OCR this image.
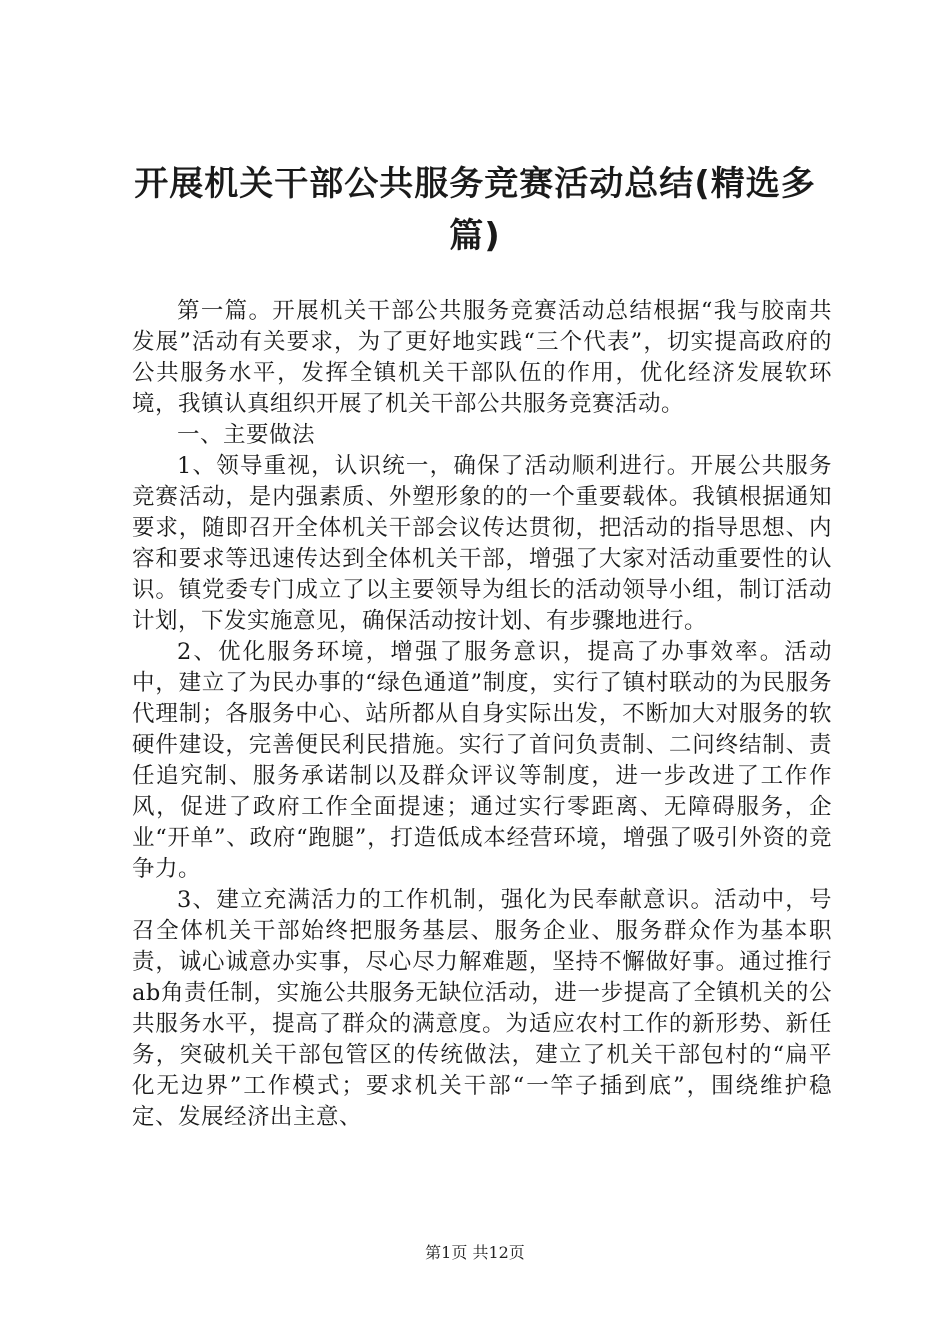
开展机关干部公共服务竞赛活动总结(精选多篇)

第一篇。开展机关干部公共服务竞赛活动总结根据“我与胶南共发展”活动有关要求，为了更好地实践“三个代表”，切实提高政府的公共服务水平，发挥全镇机关干部队伍的作用，优化经济发展软环境，我镇认真组织开展了机关干部公共服务竞赛活动。

一、主要做法

1、领导重视，认识统一，确保了活动顺利进行。开展公共服务竞赛活动，是内强素质、外塑形象的的一个重要载体。我镇根据通知要求，随即召开全体机关干部会议传达贯彻，把活动的指导思想、内容和要求等迅速传达到全体机关干部，增强了大家对活动重要性的认识。镇党委专门成立了以主要领导为组长的活动领导小组，制订活动计划，下发实施意见，确保活动按计划、有步骤地进行。

2、优化服务环境，增强了服务意识，提高了办事效率。活动中，建立了为民办事的“绿色通道”制度，实行了镇村联动的为民服务代理制；各服务中心、站所都从自身实际出发，不断加大对服务的软硬件建设，完善便民利民措施。实行了首问负责制、二问终结制、责任追究制、服务承诺制以及群众评议等制度，进一步改进了工作作风，促进了政府工作全面提速；通过实行零距离、无障碍服务，企业“开单”、政府“跑腿”，打造低成本经营环境，增强了吸引外资的竞争力。

3、建立充满活力的工作机制，强化为民奉献意识。活动中，号召全体机关干部始终把服务基层、服务企业、服务群众作为基本职责，诚心诚意办实事，尽心尽力解难题，坚持不懈做好事。通过推行ab角责任制，实施公共服务无缺位活动，进一步提高了全镇机关的公共服务水平，提高了群众的满意度。为适应农村工作的新形势、新任务，突破机关干部包管区的传统做法，建立了机关干部包村的“扁平化无边界”工作模式；要求机关干部“一竿子插到底”，围绕维护稳定、发展经济出主意、

第1页 共12页
